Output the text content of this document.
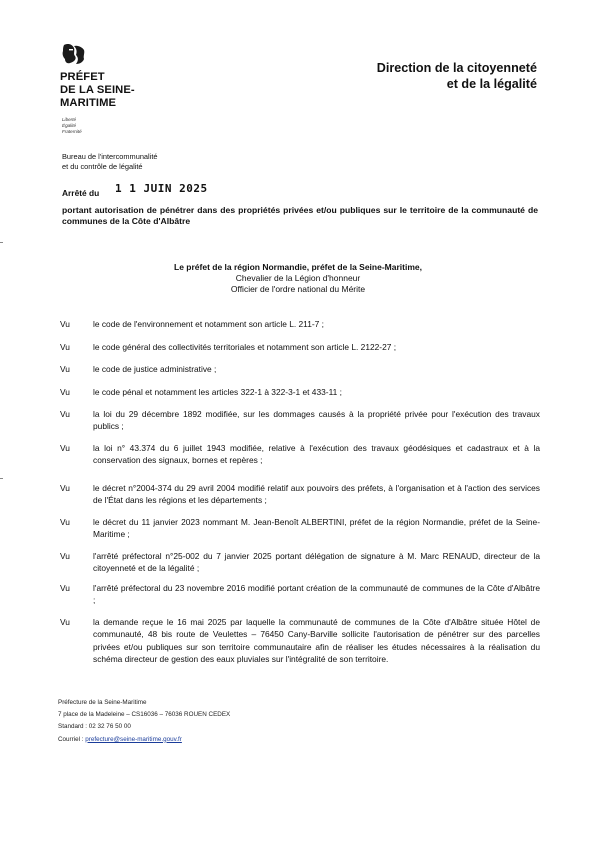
PRÉFET
DE LA SEINE-
MARITIME
Liberté
Égalité
Fraternité
Direction de la citoyenneté
et de la légalité
Bureau de l'intercommunalité
et du contrôle de légalité
Arrêté du 1 1 JUIN 2025
portant autorisation de pénétrer dans des propriétés privées et/ou publiques sur le territoire de la communauté de communes de la Côte d'Albâtre
Le préfet de la région Normandie, préfet de la Seine-Maritime,
Chevalier de la Légion d'honneur
Officier de l'ordre national du Mérite
Vu	le code de l'environnement et notamment son article L. 211-7 ;
Vu	le code général des collectivités territoriales et notamment son article L. 2122-27 ;
Vu	le code de justice administrative ;
Vu	le code pénal et notamment les articles 322-1 à 322-3-1 et 433-11 ;
Vu	la loi du 29 décembre 1892 modifiée, sur les dommages causés à la propriété privée pour l'exécution des travaux publics ;
Vu	la loi n° 43.374 du 6 juillet 1943 modifiée, relative à l'exécution des travaux géodésiques et cadastraux et à la conservation des signaux, bornes et repères ;
Vu	le décret n°2004-374 du 29 avril 2004 modifié relatif aux pouvoirs des préfets, à l'organisation et à l'action des services de l'État dans les régions et les départements ;
Vu	le décret du 11 janvier 2023 nommant M. Jean-Benoît ALBERTINI, préfet de la région Normandie, préfet de la Seine-Maritime ;
Vu	l'arrêté préfectoral n°25-002 du 7 janvier 2025 portant délégation de signature à M. Marc RENAUD, directeur de la citoyenneté et de la légalité ;
Vu	l'arrêté préfectoral du 23 novembre 2016 modifié portant création de la communauté de communes de la Côte d'Albâtre ;
Vu	la demande reçue le 16 mai 2025 par laquelle la communauté de communes de la Côte d'Albâtre située Hôtel de communauté, 48 bis route de Veulettes – 76450 Cany-Barville sollicite l'autorisation de pénétrer sur des parcelles privées et/ou publiques sur son territoire communautaire afin de réaliser les études nécessaires à la réalisation du schéma directeur de gestion des eaux pluviales sur l'intégralité de son territoire.
Préfecture de la Seine-Maritime
7 place de la Madeleine – CS16036 – 76036 ROUEN CEDEX
Standard : 02 32 76 50 00
Courriel : prefecture@seine-maritime.gouv.fr
